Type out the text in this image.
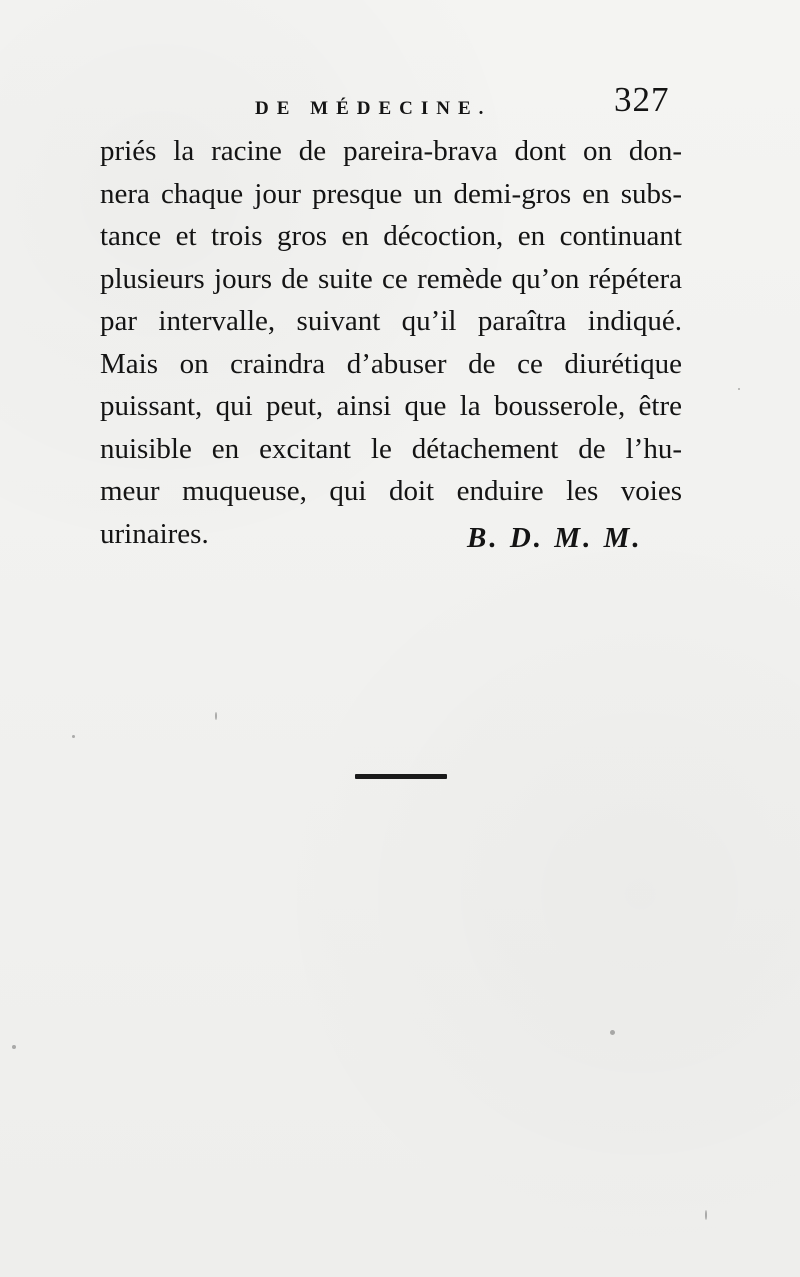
DE MÉDECINE.	327

priés la racine de pareira-brava dont on don-
nera chaque jour presque un demi-gros en subs-
tance et trois gros en décoction, en continuant
plusieurs jours de suite ce remède qu’on répétera
par intervalle, suivant qu’il paraîtra indiqué.
Mais on craindra d’abuser de ce diurétique
puissant, qui peut, ainsi que la bousserole, être
nuisible en excitant le détachement de l’hu-
meur muqueuse, qui doit enduire les voies
urinaires.	B. D. M. M.
